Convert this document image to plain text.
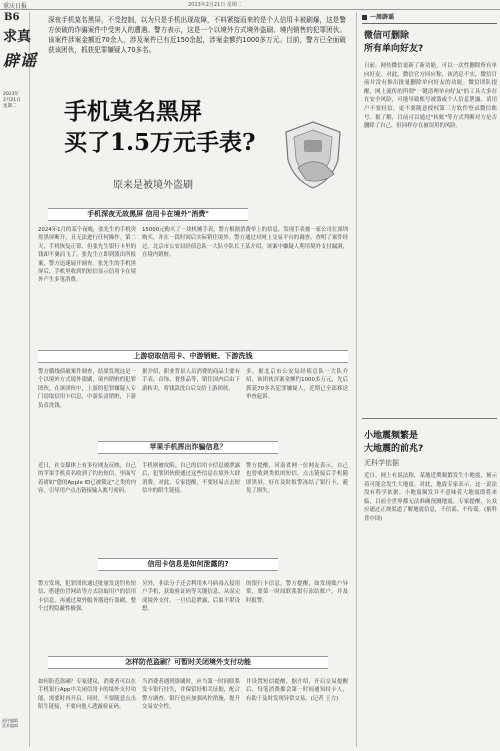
重庆日报	2023年2月21日 星期二
B6
求真
辟谣
2023年
2月21日
星期二
责任编辑
美术编辑
深夜手机莫名黑屏，不受控制，以为只是手机出现故障，不料紧接而来的是个人信用卡被刷爆，这是警方侦破的诈骗案件中受害人的遭遇。警方表示，这是一个以境外方式境外盗刷、境内销售的犯罪团伙。该案件涉案金额近70余人，涉及案件已有近150余起，涉案金额约1000多万元。目前，警方已全面破获该团伙，抓获犯罪嫌疑人70多名。
手机莫名黑屏
买了1.5万元手表?
原来是被境外盗刷
手机深夜无故黑屏 信用卡在境外"消费"
2024年1月的某个夜晚，张先生的手机突然黑屏断开，且无法进行任何操作。第二天，手机恢复正常，但张先生银行卡里的钱却不翼而飞了。张先生立即到派出所报案，警方迅速展开调查。张先生的手机黑屏后，手机里收到的短信显示信用卡在境外产生多笔消费。
15000元购买了一块机械手表。警方根据消费单上的信息，发现手表被一家公司在深圳购买，并在一段时间后实际销往境外。警方通过对网上交易平台的调查，查明了案件经过。北京市公安局经侦总队一大队中队长王某介绍，该案中嫌疑人利用境外支付漏洞，在境内销赃。
上游窃取信用卡、中游销赃、下游洗钱
警方循线侦破案件调查，结果发现这是一个以境外方式境外盗刷、境内销赃的犯罪团伙。在该团伙中，上游的犯罪嫌疑人专门窃取信用卡信息，中游负责销赃，下游负责洗钱。
据介绍，职业背景人员消费的商品主要有手表、首饰、奢侈品等，销往国内后由下游转卖，将钱款洗白后交给上游团伙。
多，据北京市公安局经侦总队一大队介绍，该团伙涉案金额约1000多万元，先后抓获70多名犯罪嫌疑人，近期已全部移送审查起诉。
苹果手机挥出诈骗信息？
近日，社交媒体上有多位网友反映，自己的苹果手机莫名收到了钓鱼短信，里面写着诸如"您的Apple ID已被锁定"之类的内容，引导用户点击链接输入账号密码。
手机则被攻陷。自己的信用卡信息被泄露后，犯罪团伙便通过这些信息在境外大肆消费。对此，专家提醒，不要轻易点击短信中的陌生链接。
警方提醒，河南省网一位网友表示，自己也曾收到类似的短信，点击链接后手机随即黑屏，好在及时报警冻结了银行卡，避免了损失。
信用卡信息是如何泄露的?
警方发现，犯罪团伙通过批量发送钓鱼短信、搭建仿冒网站等方式窃取用户的信用卡信息，再通过境外服务器进行盗刷，整个过程隐蔽性极强。
另外，非法分子还会利用木马病毒入侵用户手机，获取验证码等关键信息，从而完成境外支付。一旦信息泄露，后果不堪设想。
的银行卡信息。警方提醒，如发现账户异常，要第一时间联系银行冻结账户，并及时报警。
怎样防范盗刷？可暂时关闭境外支付功能
如何防范盗刷？专家建议，消费者可以在手机银行App中关闭信用卡的境外支付功能，需要时再开启。同时，不要随意点击陌生链接，不要向他人透露验证码。
当消费者遇到盗刷时，应当第一时间联系发卡银行挂失，并保留好相关证据，配合警方调查。银行也应加强风控措施，提升交易安全性。
并设置短信提醒。据介绍，开启交易提醒后，每笔消费都会第一时间通知持卡人，有助于及时发现异常交易。(记者 王力)
一周辟谣
微信可删除
所有单向好友?
日前，网传微信更新了新功能，可以一次性删除所有单向好友。对此，微信官方回应称，该消息不实，微信目前并没有推出批量删除单向好友的功能。微信团队提醒，网上流传的所谓"一键清理单向好友"的工具大多存在安全风险，可能导致账号被盗或个人信息泄露。请用户不要轻信，更不要随意授权第三方软件登录微信账号。据了解，目前可以通过"转账"等方式判断对方是否删除了自己，但同样存在被误用的风险。
小地震频繁是
大地震的前兆?
无科学依据
近日，网上有说法称，某地近期频繁发生小地震，预示着可能会发生大地震。对此，地震专家表示，这一说法没有科学依据。小地震频发并不意味着大地震即将来临，目前全世界都无法准确预测地震。专家提醒，公众应通过正规渠道了解地震信息，不信谣、不传谣。(据科普中国)
